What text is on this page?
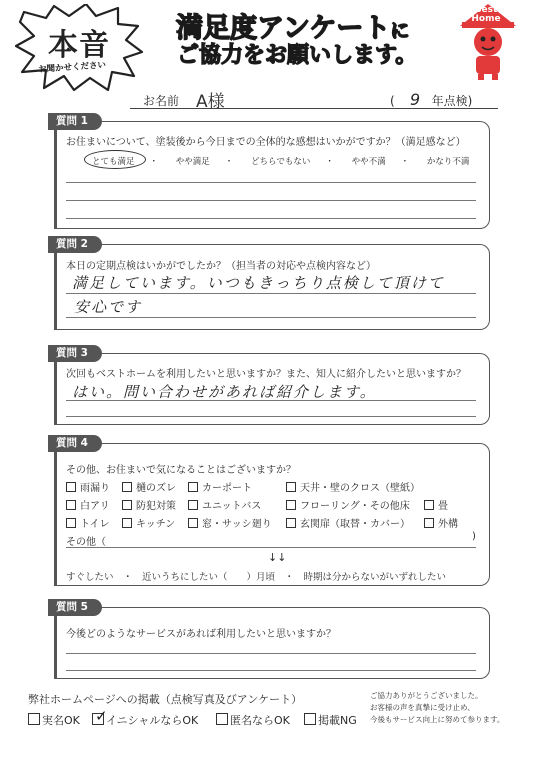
本音
お聞かせください
満足度アンケートに
ご協力をお願いします。
Best
Home
お名前 A様	( 9 年点検)
質問 1
お住まいについて、塗装後から今日までの全体的な感想はいかがですか？（満足感など）
とても満足 ・ やや満足 ・ どちらでもない ・ やや不満 ・ かなり不満
質問 2
本日の定期点検はいかがでしたか？（担当者の対応や点検内容など）
満足しています。いつもきっちり点検して頂けて
安心です
質問 3
次回もベストホームを利用したいと思いますか？また、知人に紹介したいと思いますか？
はい。問い合わせがあれば紹介します。
質問 4
その他、お住まいで気になることはございますか？
雨漏り	樋のズレ	カーポート	天井・壁のクロス（壁紙）
白アリ	防犯対策	ユニットバス	フローリング・その他床	畳
トイレ	キッチン	窓・サッシ廻り	玄関扉（取替・カバー）	外構
その他（
)
↓↓
すぐしたい　・　近いうちにしたい（　　）月頃　・　時期は分からないがいずれしたい
質問 5
今後どのようなサービスがあれば利用したいと思いますか？
弊社ホームページへの掲載（点検写真及びアンケート）
実名OK	イニシャルならOK
✓	匿名ならOK	掲載NG
ご協力ありがとうございました。
お客様の声を真摯に受け止め、
今後もサービス向上に努めて参ります。
